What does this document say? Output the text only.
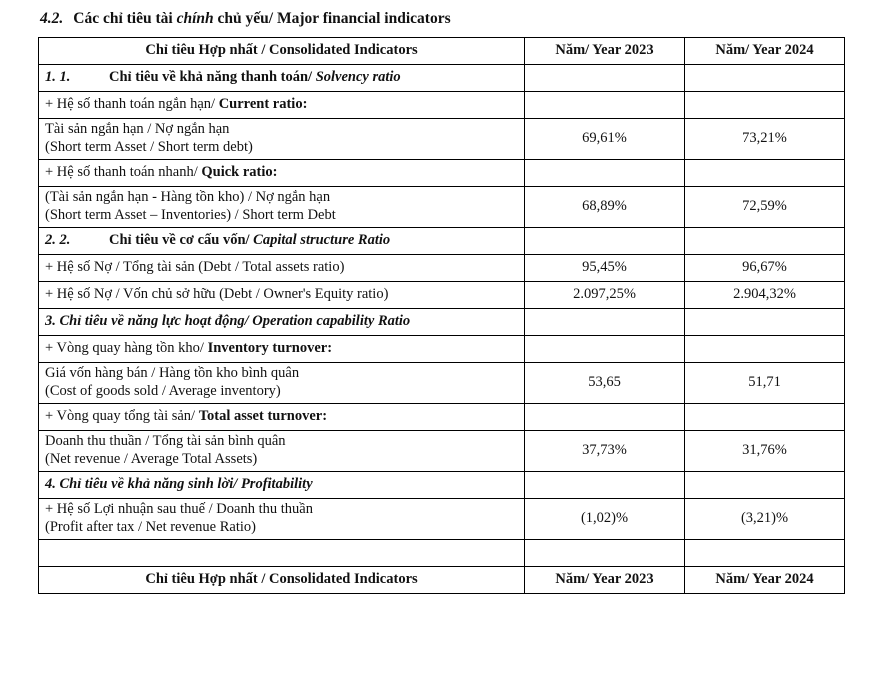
4.2. Các chỉ tiêu tài chính chủ yếu/ Major financial indicators
Chỉ tiêu Hợp nhất / Consolidated Indicators	Năm/ Year 2023	Năm/ Year 2024
1. 1. Chỉ tiêu về khả năng thanh toán/ Solvency ratio		
+ Hệ số thanh toán ngắn hạn/ Current ratio:		
Tài sản ngắn hạn / Nợ ngắn hạn
(Short term Asset / Short term debt)	69,61%	73,21%
+ Hệ số thanh toán nhanh/ Quick ratio:		
(Tài sản ngắn hạn - Hàng tồn kho) / Nợ ngắn hạn
(Short term Asset – Inventories) / Short term Debt	68,89%	72,59%
2. 2. Chỉ tiêu về cơ cấu vốn/ Capital structure Ratio		
+ Hệ số Nợ / Tổng tài sản (Debt / Total assets ratio)	95,45%	96,67%
+ Hệ số Nợ / Vốn chủ sở hữu (Debt / Owner's Equity ratio)	2.097,25%	2.904,32%
3. Chỉ tiêu về năng lực hoạt động/ Operation capability Ratio		
+ Vòng quay hàng tồn kho/ Inventory turnover:		
Giá vốn hàng bán / Hàng tồn kho bình quân
(Cost of goods sold / Average inventory)	53,65	51,71
+ Vòng quay tổng tài sản/ Total asset turnover:		
Doanh thu thuần / Tổng tài sản bình quân
(Net revenue / Average Total Assets)	37,73%	31,76%
4. Chỉ tiêu về khả năng sinh lời/ Profitability		
+ Hệ số Lợi nhuận sau thuế / Doanh thu thuần
(Profit after tax / Net revenue Ratio)	(1,02)%	(3,21)%

Chỉ tiêu Hợp nhất / Consolidated Indicators	Năm/ Year 2023	Năm/ Year 2024
